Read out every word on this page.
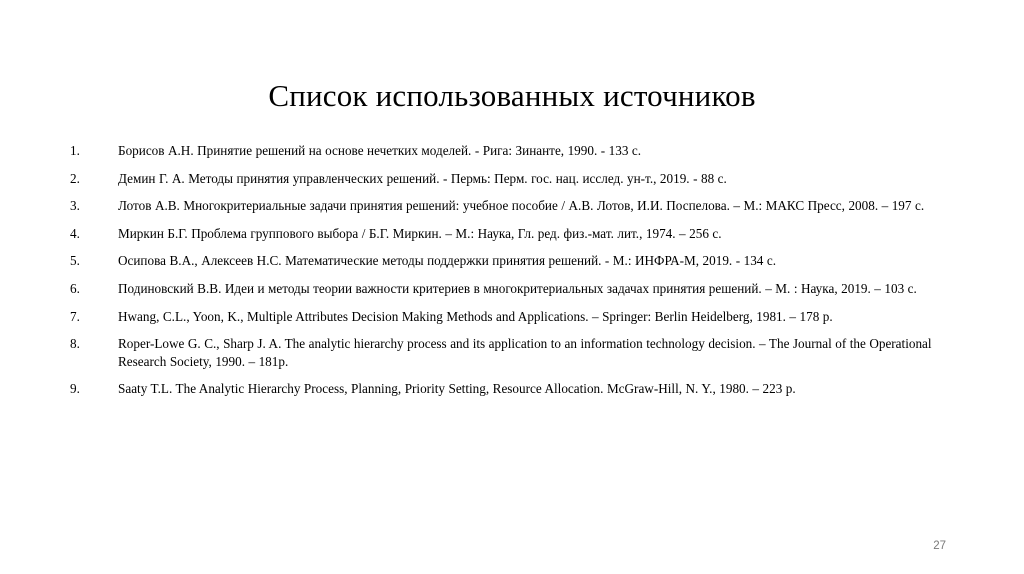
Список использованных источников
1.	Борисов А.Н. Принятие решений на основе нечетких моделей. - Рига: Зинанте, 1990. - 133 с.
2.	Демин Г. А. Методы принятия управленческих решений. - Пермь: Перм. гос. нац. исслед. ун-т., 2019. - 88 с.
3.	Лотов А.В. Многокритериальные задачи принятия решений: учебное пособие / А.В. Лотов, И.И. Поспелова. – М.: МАКС Пресс, 2008. – 197 с.
4.	Миркин Б.Г. Проблема группового выбора / Б.Г. Миркин. – М.: Наука, Гл. ред. физ.-мат. лит., 1974. – 256 с.
5.	Осипова В.А., Алексеев Н.С. Математические методы поддержки принятия решений. - М.: ИНФРА-М, 2019. - 134 с.
6.	Подиновский В.В. Идеи и методы теории важности критериев в многокритериальных задачах принятия решений. – М. : Наука, 2019. – 103 с.
7.	Hwang, C.L., Yoon, K., Multiple Attributes Decision Making Methods and Applications. – Springer: Berlin Heidelberg, 1981. – 178 p.
8.	Roper-Lowe G. C., Sharp J. A. The analytic hierarchy process and its application to an information technology decision. – The Journal of the Operational Research Society, 1990. – 181p.
9.	Saaty T.L. The Analytic Hierarchy Process, Planning, Priority Setting, Resource Allocation. McGraw-Hill, N. Y., 1980. – 223 p.
27
